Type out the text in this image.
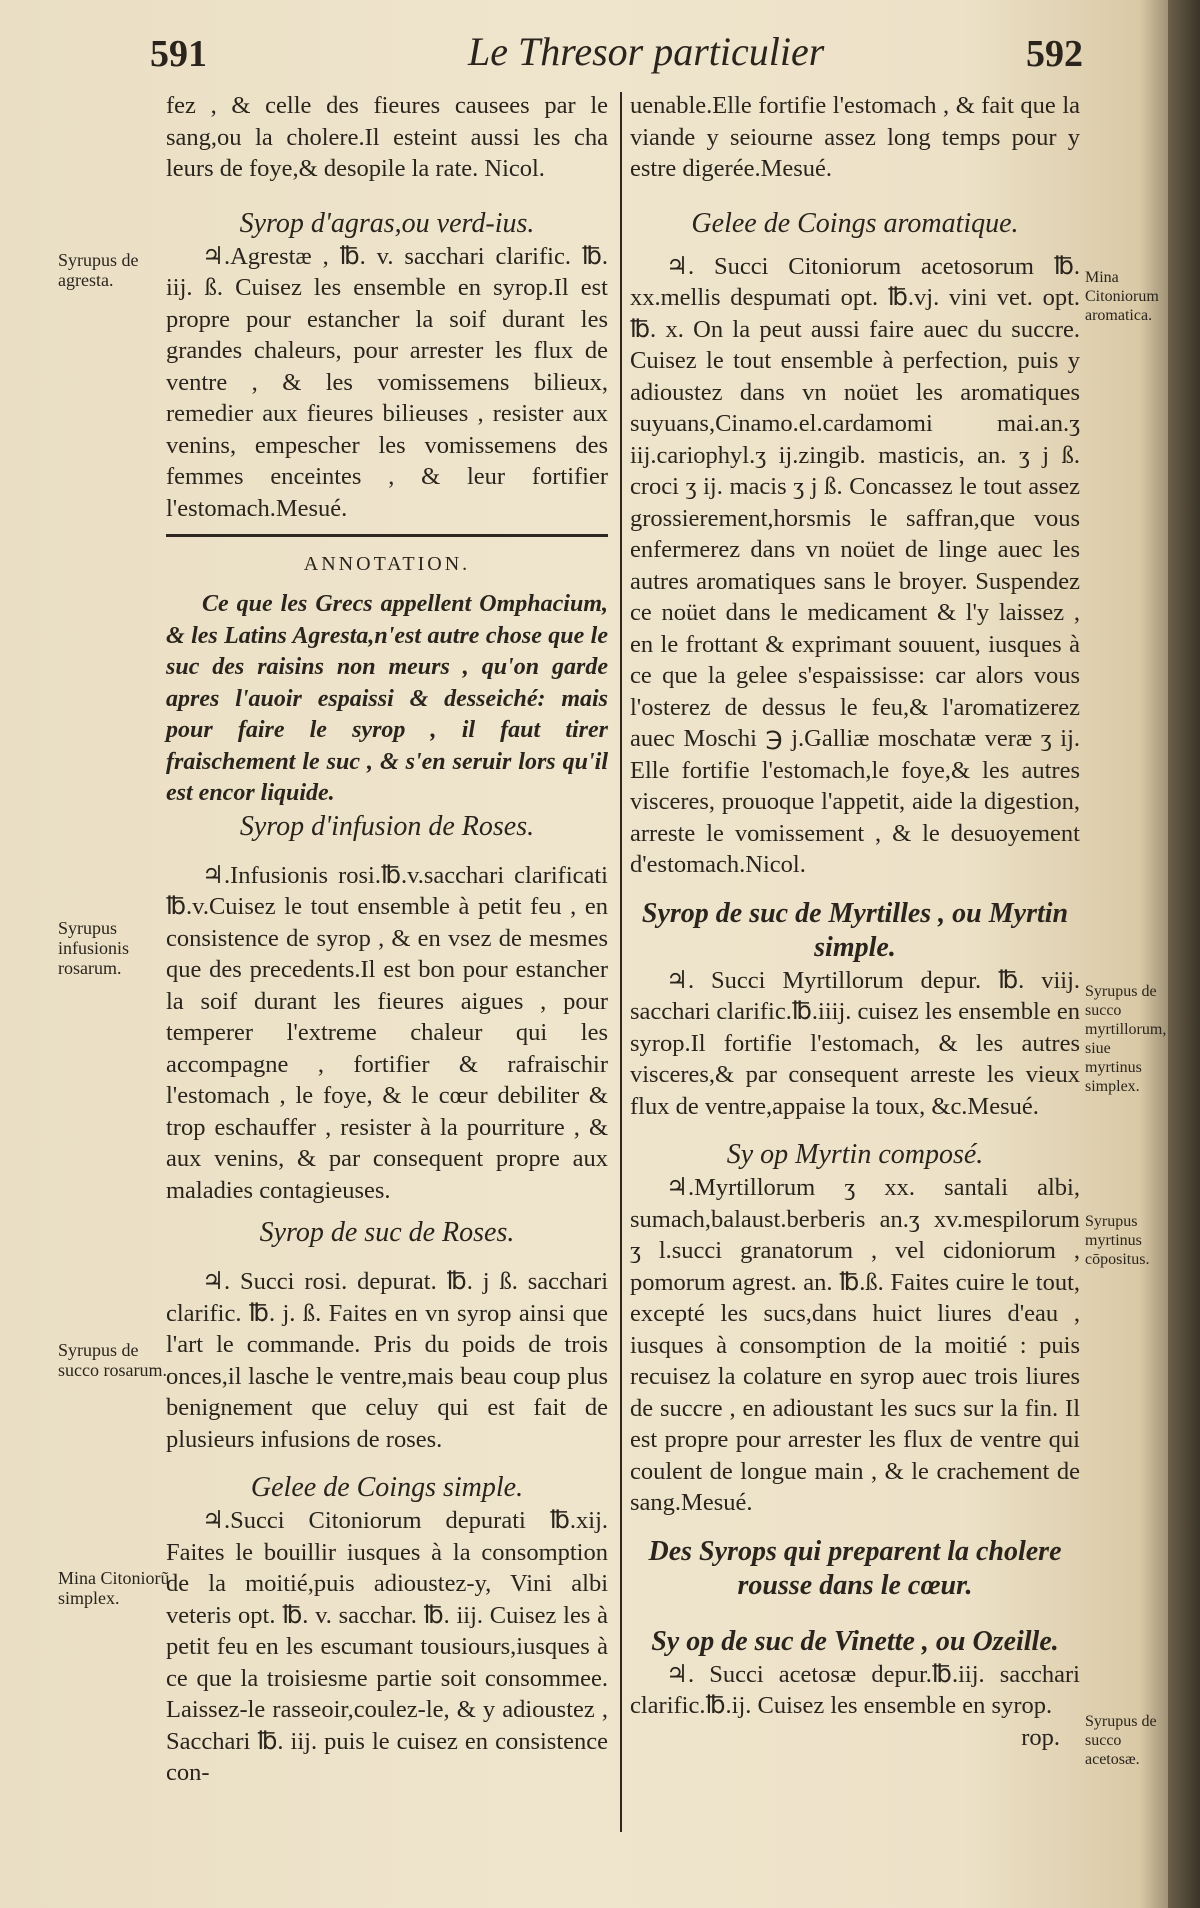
591	Le Thresor particulier	592

fez , & celle des fieures causees par le sang,ou la cholere.Il esteint aussi les cha leurs de foye,& desopile la rate. Nicol.

Syrop d'agras,ou verd-ius.

♃.Agrestæ , ℔. v. sacchari clarific. ℔. iij. ß. Cuisez les ensemble en syrop.Il est propre pour estancher la soif durant les grandes chaleurs, pour arrester les flux de ventre , & les vomissemens bilieux, remedier aux fieures bilieuses , resister aux venins, empescher les vomissemens des femmes enceintes , & leur fortifier l'estomach.Mesué.

ANNOTATION.

Ce que les Grecs appellent Omphacium, & les Latins Agresta,n'est autre chose que le suc des raisins non meurs , qu'on garde apres l'auoir espaissi & desseiché: mais pour faire le syrop , il faut tirer fraischement le suc , & s'en seruir lors qu'il est encor liquide.

Syrop d'infusion de Roses.

♃.Infusionis rosi.℔.v.sacchari clarificati ℔.v.Cuisez le tout ensemble à petit feu , en consistence de syrop , & en vsez de mesmes que des precedents.Il est bon pour estancher la soif durant les fieures aigues , pour temperer l'extreme chaleur qui les accompagne , fortifier & rafraischir l'estomach , le foye, & le cœur debiliter & trop eschauffer , resister à la pourriture , & aux venins, & par consequent propre aux maladies contagieuses.

Syrop de suc de Roses.

♃. Succi rosi. depurat. ℔. j ß. sacchari clarific. ℔. j. ß. Faites en vn syrop ainsi que l'art le commande. Pris du poids de trois onces,il lasche le ventre,mais beau coup plus benignement que celuy qui est fait de plusieurs infusions de roses.

Gelee de Coings simple.

♃.Succi Citoniorum depurati ℔.xij. Faites le bouillir iusques à la consomption de la moitié,puis adioustez-y, Vini albi veteris opt. ℔. v. sacchar. ℔. iij. Cuisez les à petit feu en les escumant tousiours,iusques à ce que la troisiesme partie soit consommee. Laissez-le rasseoir,coulez-le, & y adioustez , Sacchari ℔. iij. puis le cuisez en consistence con-

uenable.Elle fortifie l'estomach , & fait que la viande y seiourne assez long temps pour y estre digerée.Mesué.

Gelee de Coings aromatique.

♃. Succi Citoniorum acetosorum ℔. xx.mellis despumati opt. ℔.vj. vini vet. opt. ℔. x. On la peut aussi faire auec du succre. Cuisez le tout ensemble à perfection, puis y adioustez dans vn noüet les aromatiques suyuans,Cinamo.el.cardamomi mai.an.ʒ iij.cariophyl.ʒ ij.zingib. masticis, an. ʒ j ß. croci ʒ ij. macis ʒ j ß. Concassez le tout assez grossierement,horsmis le saffran,que vous enfermerez dans vn noüet de linge auec les autres aromatiques sans le broyer. Suspendez ce noüet dans le medicament & l'y laissez , en le frottant & exprimant souuent, iusques à ce que la gelee s'espaississe: car alors vous l'osterez de dessus le feu,& l'aromatizerez auec Moschi ℈ j.Galliæ moschatæ veræ ʒ ij. Elle fortifie l'estomach,le foye,& les autres visceres, prouoque l'appetit, aide la digestion, arreste le vomissement , & le desuoyement d'estomach.Nicol.

Syrop de suc de Myrtilles , ou Myrtin simple.

♃. Succi Myrtillorum depur. ℔. viij. sacchari clarific.℔.iiij. cuisez les ensemble en syrop.Il fortifie l'estomach, & les autres visceres,& par consequent arreste les vieux flux de ventre,appaise la toux, &c.Mesué.

Sy op Myrtin composé.

♃.Myrtillorum ʒ xx. santali albi, sumach,balaust.berberis an.ʒ xv.mespilorum ʒ l.succi granatorum , vel cidoniorum , pomorum agrest. an. ℔.ß. Faites cuire le tout, excepté les sucs,dans huict liures d'eau , iusques à consomption de la moitié : puis recuisez la colature en syrop auec trois liures de succre , en adioustant les sucs sur la fin. Il est propre pour arrester les flux de ventre qui coulent de longue main , & le crachement de sang.Mesué.

Des Syrops qui preparent la cholere rousse dans le cœur.
Sy op de suc de Vinette , ou Ozeille.

♃. Succi acetosæ depur.℔.iij. sacchari clarific.℔.ij. Cuisez les ensemble en syrop.

rop.

Syrupus de agresta.
Syrupus infusionis rosarum.
Syrupus de succo rosarum.
Mina Citoniorũ simplex.
Mina Citoniorum aromatica.
Syrupus de succo myrtillorum, siue myrtinus simplex.
Syrupus myrtinus cōpositus.
Syrupus de succo acetosæ.
